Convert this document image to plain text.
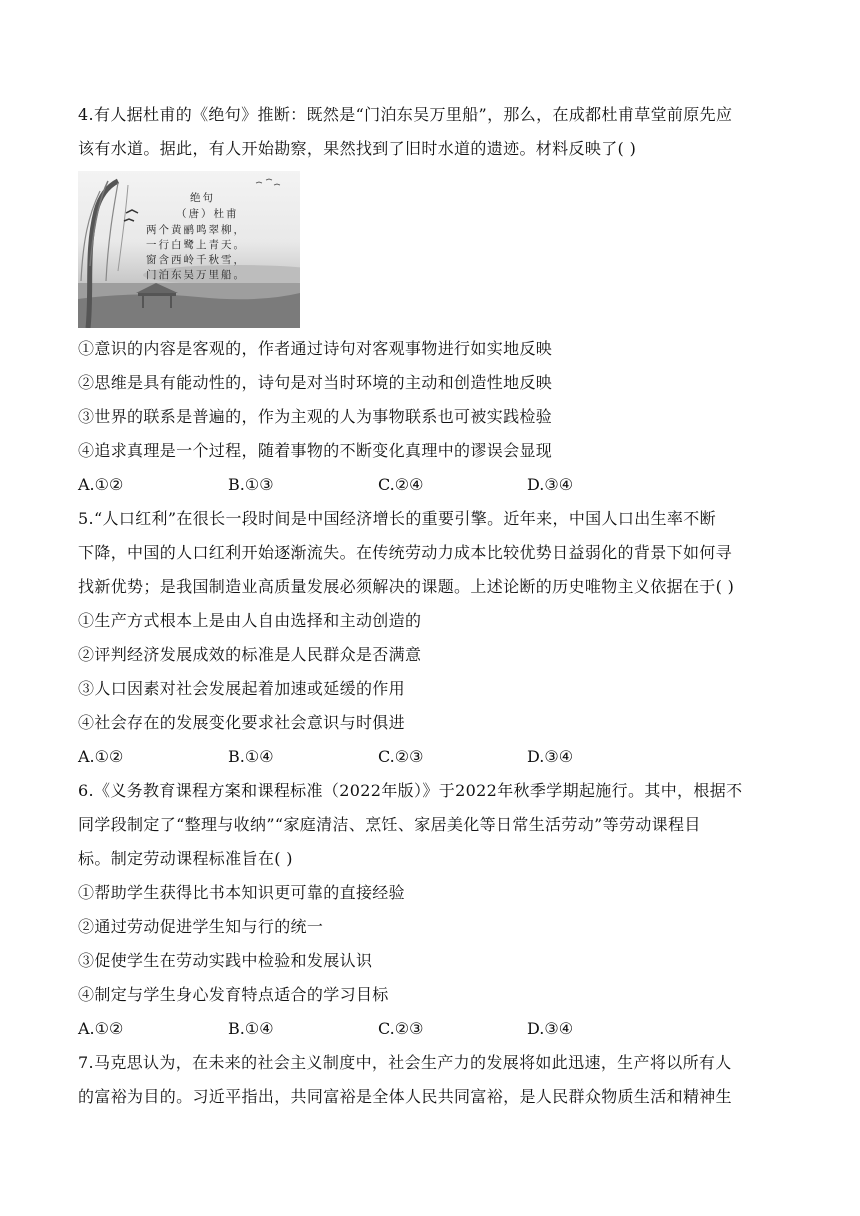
4.有人据杜甫的《绝句》推断：既然是“门泊东吴万里船”，那么，在成都杜甫草堂前原先应
该有水道。据此，有人开始勘察，果然找到了旧时水道的遗迹。材料反映了( )
绝句
（唐）杜甫
两个黄鹂鸣翠柳，
一行白鹭上青天。
窗含西岭千秋雪，
门泊东吴万里船。
①意识的内容是客观的，作者通过诗句对客观事物进行如实地反映
②思维是具有能动性的，诗句是对当时环境的主动和创造性地反映
③世界的联系是普遍的，作为主观的人为事物联系也可被实践检验
④追求真理是一个过程，随着事物的不断变化真理中的谬误会显现
A.①②	B.①③	C.②④	D.③④
5.“人口红利”在很长一段时间是中国经济增长的重要引擎。近年来，中国人口出生率不断
下降，中国的人口红利开始逐渐流失。在传统劳动力成本比较优势日益弱化的背景下如何寻
找新优势；是我国制造业高质量发展必须解决的课题。上述论断的历史唯物主义依据在于( )
①生产方式根本上是由人自由选择和主动创造的
②评判经济发展成效的标准是人民群众是否满意
③人口因素对社会发展起着加速或延缓的作用
④社会存在的发展变化要求社会意识与时俱进
A.①②	B.①④	C.②③	D.③④
6.《义务教育课程方案和课程标准（2022年版）》于2022年秋季学期起施行。其中，根据不
同学段制定了“整理与收纳”“家庭清洁、烹饪、家居美化等日常生活劳动”等劳动课程目
标。制定劳动课程标准旨在( )
①帮助学生获得比书本知识更可靠的直接经验
②通过劳动促进学生知与行的统一
③促使学生在劳动实践中检验和发展认识
④制定与学生身心发育特点适合的学习目标
A.①②	B.①④	C.②③	D.③④
7.马克思认为，在未来的社会主义制度中，社会生产力的发展将如此迅速，生产将以所有人
的富裕为目的。习近平指出，共同富裕是全体人民共同富裕，是人民群众物质生活和精神生
